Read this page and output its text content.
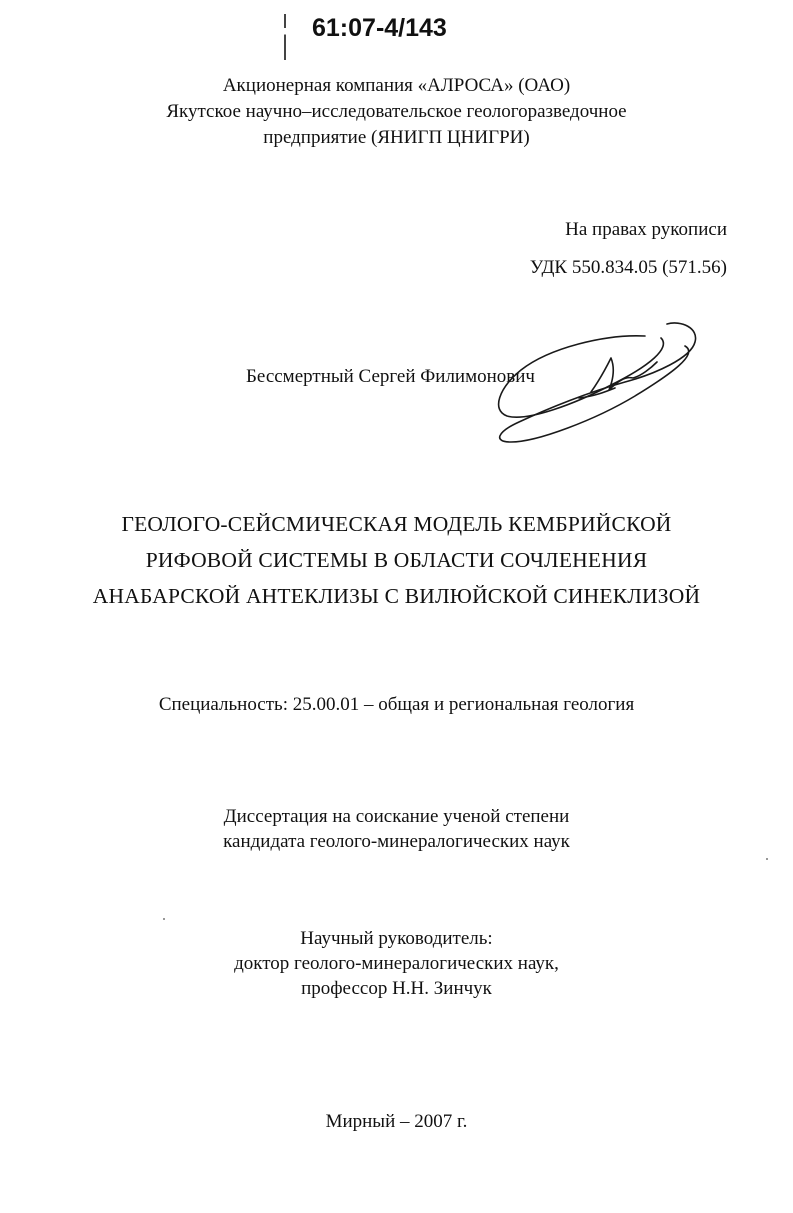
61:07-4/143
Акционерная компания «АЛРОСА» (ОАО)
Якутское научно–исследовательское геологоразведочное
предприятие (ЯНИГП ЦНИГРИ)
На правах рукописи
УДК 550.834.05 (571.56)
Бессмертный Сергей Филимонович
ГЕОЛОГО-СЕЙСМИЧЕСКАЯ МОДЕЛЬ КЕМБРИЙСКОЙ
РИФОВОЙ СИСТЕМЫ В ОБЛАСТИ СОЧЛЕНЕНИЯ
АНАБАРСКОЙ АНТЕКЛИЗЫ С ВИЛЮЙСКОЙ СИНЕКЛИЗОЙ
Специальность: 25.00.01 – общая и региональная геология
Диссертация на соискание ученой степени
кандидата геолого-минералогических наук
Научный руководитель:
доктор геолого-минералогических наук,
профессор Н.Н. Зинчук
Мирный – 2007 г.
